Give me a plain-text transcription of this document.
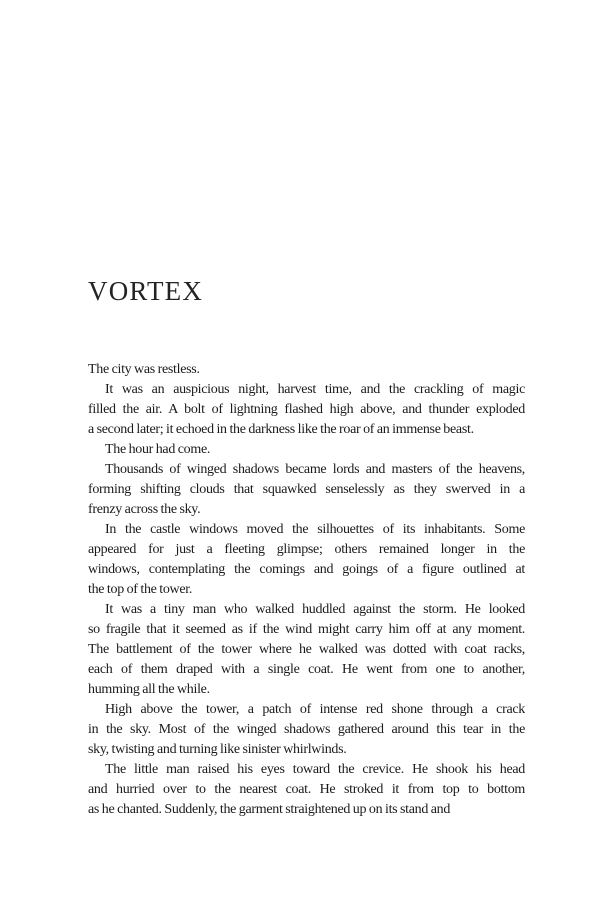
VORTEX
The city was restless.
It was an auspicious night, harvest time, and the crackling of magic
filled the air. A bolt of lightning flashed high above, and thunder exploded
a second later; it echoed in the darkness like the roar of an immense beast.
The hour had come.
Thousands of winged shadows became lords and masters of the heavens,
forming shifting clouds that squawked senselessly as they swerved in a
frenzy across the sky.
In the castle windows moved the silhouettes of its inhabitants. Some
appeared for just a fleeting glimpse; others remained longer in the
windows, contemplating the comings and goings of a figure outlined at
the top of the tower.
It was a tiny man who walked huddled against the storm. He looked
so fragile that it seemed as if the wind might carry him off at any moment.
The battlement of the tower where he walked was dotted with coat racks,
each of them draped with a single coat. He went from one to another,
humming all the while.
High above the tower, a patch of intense red shone through a crack
in the sky. Most of the winged shadows gathered around this tear in the
sky, twisting and turning like sinister whirlwinds.
The little man raised his eyes toward the crevice. He shook his head
and hurried over to the nearest coat. He stroked it from top to bottom
as he chanted. Suddenly, the garment straightened up on its stand and
